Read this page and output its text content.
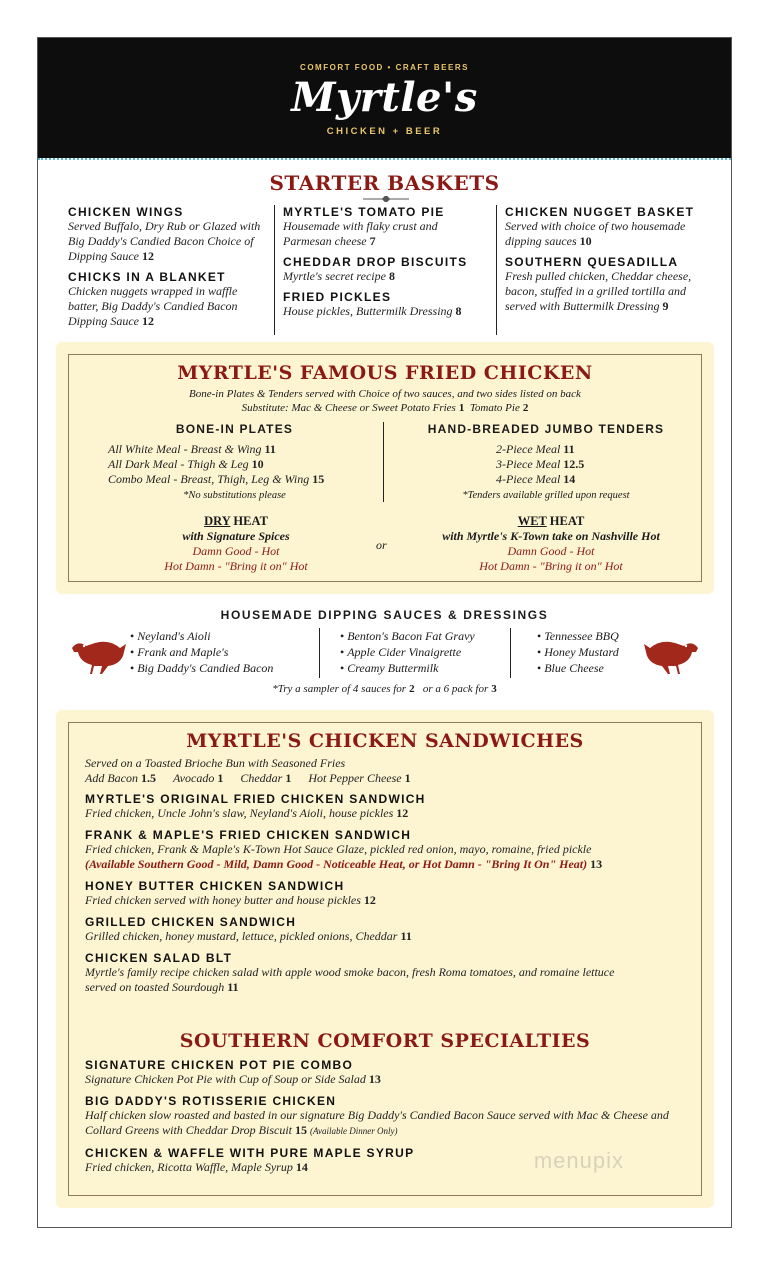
COMFORT FOOD • CRAFT BEERS
Myrtle's
CHICKEN + BEER
STARTER BASKETS
CHICKEN WINGS
Served Buffalo, Dry Rub or Glazed with Big Daddy's Candied Bacon Choice of Dipping Sauce 12
CHICKS IN A BLANKET
Chicken nuggets wrapped in waffle batter, Big Daddy's Candied Bacon Dipping Sauce 12
MYRTLE'S TOMATO PIE
Housemade with flaky crust and Parmesan cheese 7
CHEDDAR DROP BISCUITS
Myrtle's secret recipe 8
FRIED PICKLES
House pickles, Buttermilk Dressing 8
CHICKEN NUGGET BASKET
Served with choice of two housemade dipping sauces 10
SOUTHERN QUESADILLA
Fresh pulled chicken, Cheddar cheese, bacon, stuffed in a grilled tortilla and served with Buttermilk Dressing 9
MYRTLE'S FAMOUS FRIED CHICKEN
Bone-in Plates & Tenders served with Choice of two sauces, and two sides listed on back
Substitute: Mac & Cheese or Sweet Potato Fries 1 Tomato Pie 2
BONE-IN PLATES
All White Meal - Breast & Wing 11
All Dark Meal - Thigh & Leg 10
Combo Meal - Breast, Thigh, Leg & Wing 15
*No substitutions please
HAND-BREADED JUMBO TENDERS
2-Piece Meal 11
3-Piece Meal 12.5
4-Piece Meal 14
*Tenders available grilled upon request
DRY HEAT
with Signature Spices
Damn Good - Hot
Hot Damn - "Bring it on" Hot
or
WET HEAT
with Myrtle's K-Town take on Nashville Hot
Damn Good - Hot
Hot Damn - "Bring it on" Hot
HOUSEMADE DIPPING SAUCES & DRESSINGS
• Neyland's Aioli
• Frank and Maple's
• Big Daddy's Candied Bacon
• Benton's Bacon Fat Gravy
• Apple Cider Vinaigrette
• Creamy Buttermilk
• Tennessee BBQ
• Honey Mustard
• Blue Cheese
*Try a sampler of 4 sauces for 2 or a 6 pack for 3
MYRTLE'S CHICKEN SANDWICHES
Served on a Toasted Brioche Bun with Seasoned Fries
Add Bacon 1.5 Avocado 1 Cheddar 1 Hot Pepper Cheese 1
MYRTLE'S ORIGINAL FRIED CHICKEN SANDWICH
Fried chicken, Uncle John's slaw, Neyland's Aioli, house pickles 12
FRANK & MAPLE'S FRIED CHICKEN SANDWICH
Fried chicken, Frank & Maple's K-Town Hot Sauce Glaze, pickled red onion, mayo, romaine, fried pickle
(Available Southern Good - Mild, Damn Good - Noticeable Heat, or Hot Damn - "Bring It On" Heat) 13
HONEY BUTTER CHICKEN SANDWICH
Fried chicken served with honey butter and house pickles 12
GRILLED CHICKEN SANDWICH
Grilled chicken, honey mustard, lettuce, pickled onions, Cheddar 11
CHICKEN SALAD BLT
Myrtle's family recipe chicken salad with apple wood smoke bacon, fresh Roma tomatoes, and romaine lettuce served on toasted Sourdough 11
SOUTHERN COMFORT SPECIALTIES
SIGNATURE CHICKEN POT PIE COMBO
Signature Chicken Pot Pie with Cup of Soup or Side Salad 13
BIG DADDY'S ROTISSERIE CHICKEN
Half chicken slow roasted and basted in our signature Big Daddy's Candied Bacon Sauce served with Mac & Cheese and Collard Greens with Cheddar Drop Biscuit 15 (Available Dinner Only)
CHICKEN & WAFFLE WITH PURE MAPLE SYRUP
Fried chicken, Ricotta Waffle, Maple Syrup 14	menupix
